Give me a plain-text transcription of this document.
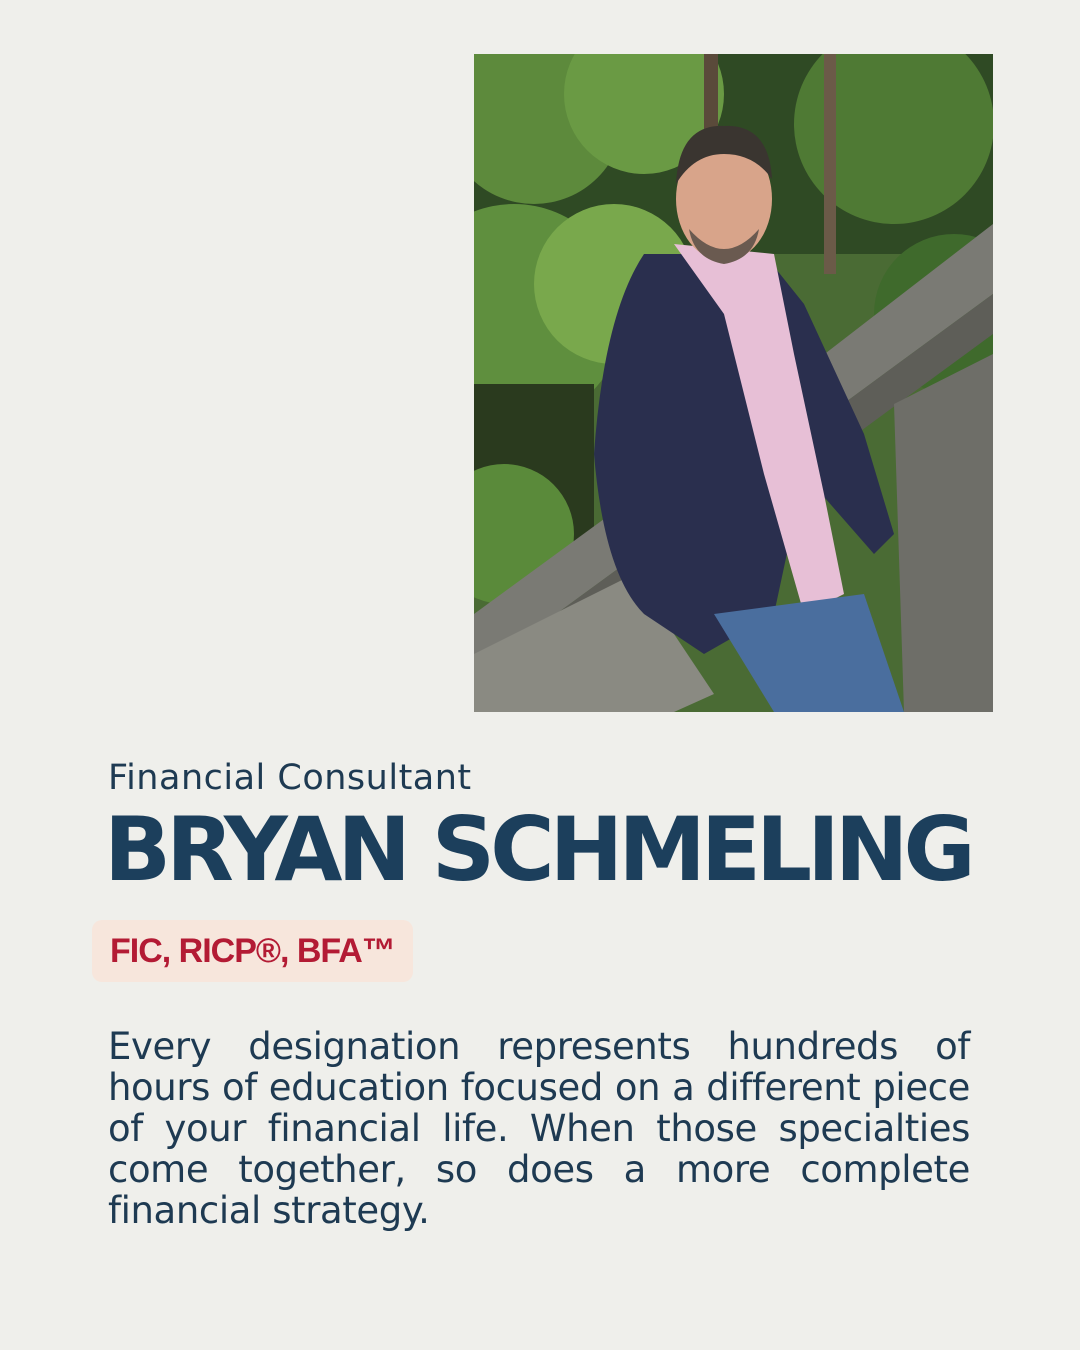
Financial Consultant
BRYAN SCHMELING
FIC, RICP®, BFA™
Every designation represents hundreds of hours of education focused on a different piece of your financial life. When those specialties come together, so does a more complete financial strategy.
